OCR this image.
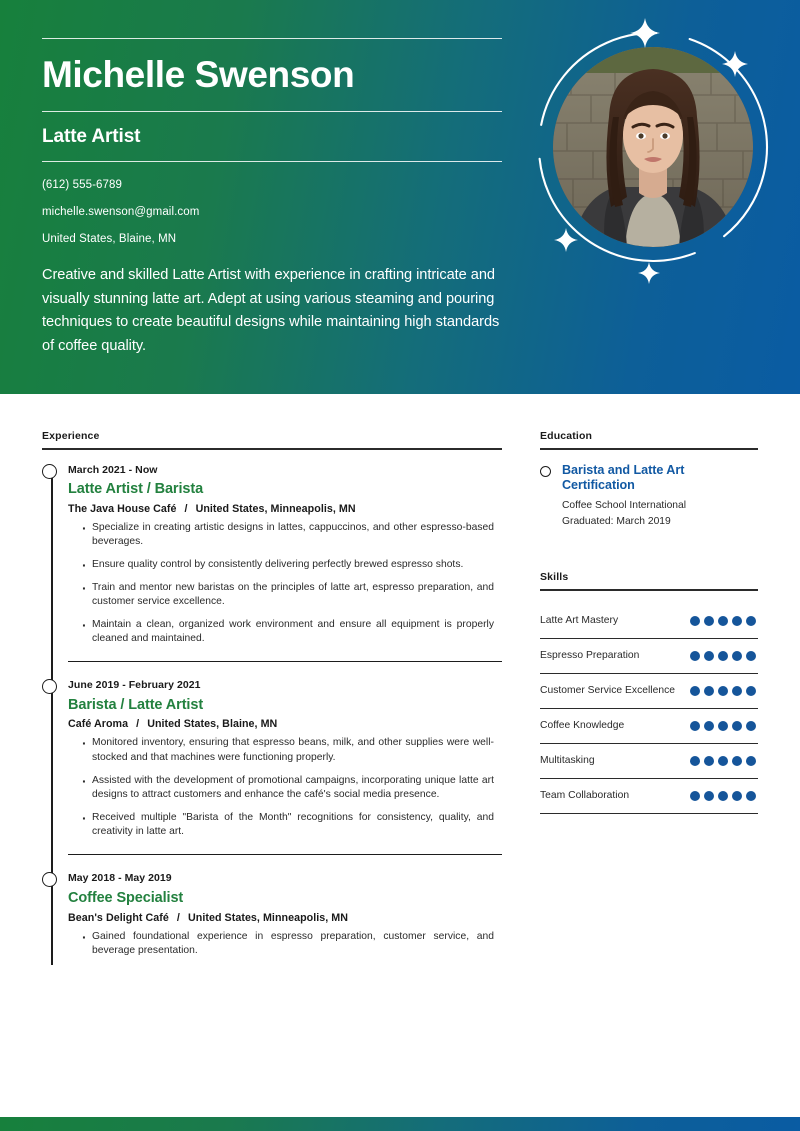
Michelle Swenson
Latte Artist
(612) 555-6789
michelle.swenson@gmail.com
United States, Blaine, MN
Creative and skilled Latte Artist with experience in crafting intricate and visually stunning latte art. Adept at using various steaming and pouring techniques to create beautiful designs while maintaining high standards of coffee quality.
Experience
March 2021 - Now
Latte Artist / Barista
The Java House Café / United States, Minneapolis, MN
· Specialize in creating artistic designs in lattes, cappuccinos, and other espresso-based beverages.
· Ensure quality control by consistently delivering perfectly brewed espresso shots.
· Train and mentor new baristas on the principles of latte art, espresso preparation, and customer service excellence.
· Maintain a clean, organized work environment and ensure all equipment is properly cleaned and maintained.
June 2019 - February 2021
Barista / Latte Artist
Café Aroma / United States, Blaine, MN
· Monitored inventory, ensuring that espresso beans, milk, and other supplies were well-stocked and that machines were functioning properly.
· Assisted with the development of promotional campaigns, incorporating unique latte art designs to attract customers and enhance the café's social media presence.
· Received multiple "Barista of the Month" recognitions for consistency, quality, and creativity in latte art.
May 2018 - May 2019
Coffee Specialist
Bean's Delight Café / United States, Minneapolis, MN
· Gained foundational experience in espresso preparation, customer service, and beverage presentation.
Education
Barista and Latte Art Certification
Coffee School International
Graduated: March 2019
Skills
Latte Art Mastery
Espresso Preparation
Customer Service Excellence
Coffee Knowledge
Multitasking
Team Collaboration
